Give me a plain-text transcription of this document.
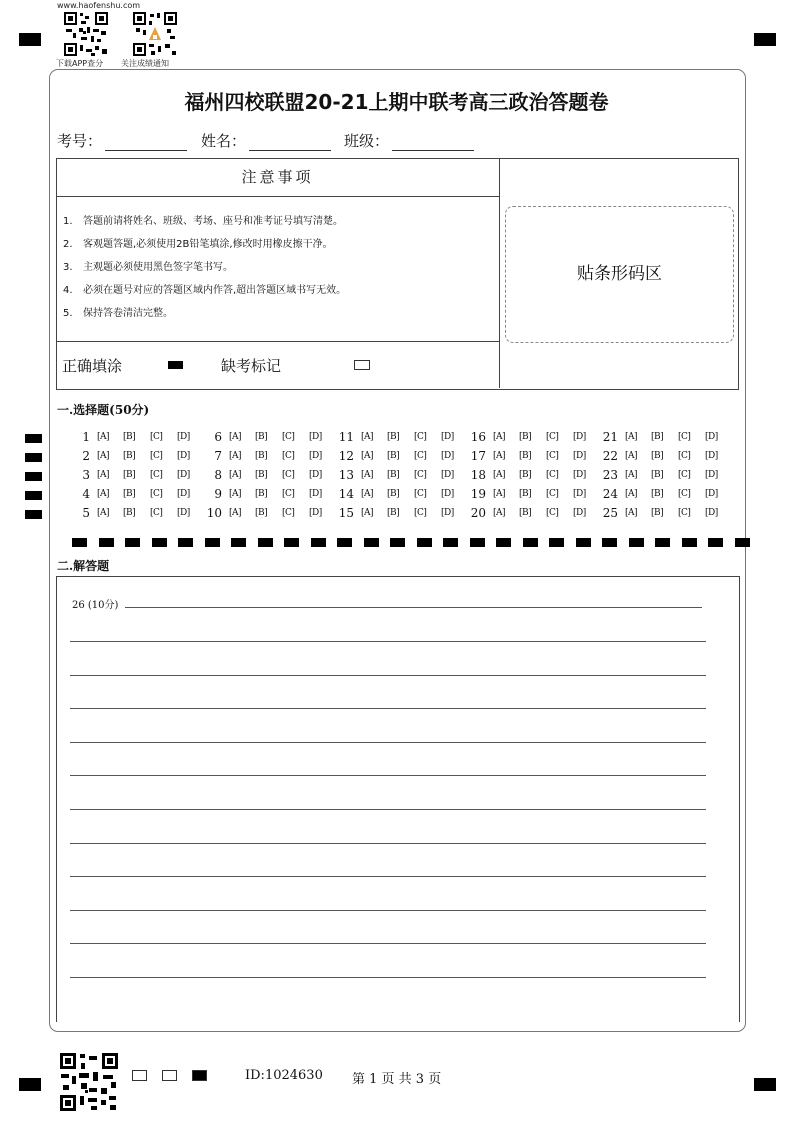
www.haofenshu.com
下载APP查分 关注成绩通知
福州四校联盟20-21上期中联考高三政治答题卷
考号：	姓名：	班级：
注意事项
1. 答题前请将姓名、班级、考场、座号和准考证号填写清楚。
2. 客观题答题,必须使用2B铅笔填涂,修改时用橡皮擦干净。
3. 主观题必须使用黑色签字笔书写。
4. 必须在题号对应的答题区域内作答,超出答题区域书写无效。
5. 保持答卷清洁完整。
正确填涂	缺考标记
贴条形码区
一.选择题(50分)
1 [A] [B] [C] [D]
2 [A] [B] [C] [D]
3 [A] [B] [C] [D]
4 [A] [B] [C] [D]
5 [A] [B] [C] [D]
6 [A] [B] [C] [D]
7 [A] [B] [C] [D]
8 [A] [B] [C] [D]
9 [A] [B] [C] [D]
10 [A] [B] [C] [D]
11 [A] [B] [C] [D]
12 [A] [B] [C] [D]
13 [A] [B] [C] [D]
14 [A] [B] [C] [D]
15 [A] [B] [C] [D]
16 [A] [B] [C] [D]
17 [A] [B] [C] [D]
18 [A] [B] [C] [D]
19 [A] [B] [C] [D]
20 [A] [B] [C] [D]
21 [A] [B] [C] [D]
22 [A] [B] [C] [D]
23 [A] [B] [C] [D]
24 [A] [B] [C] [D]
25 [A] [B] [C] [D]
二.解答题
26 (10分)
ID:1024630 第 1 页 共 3 页
